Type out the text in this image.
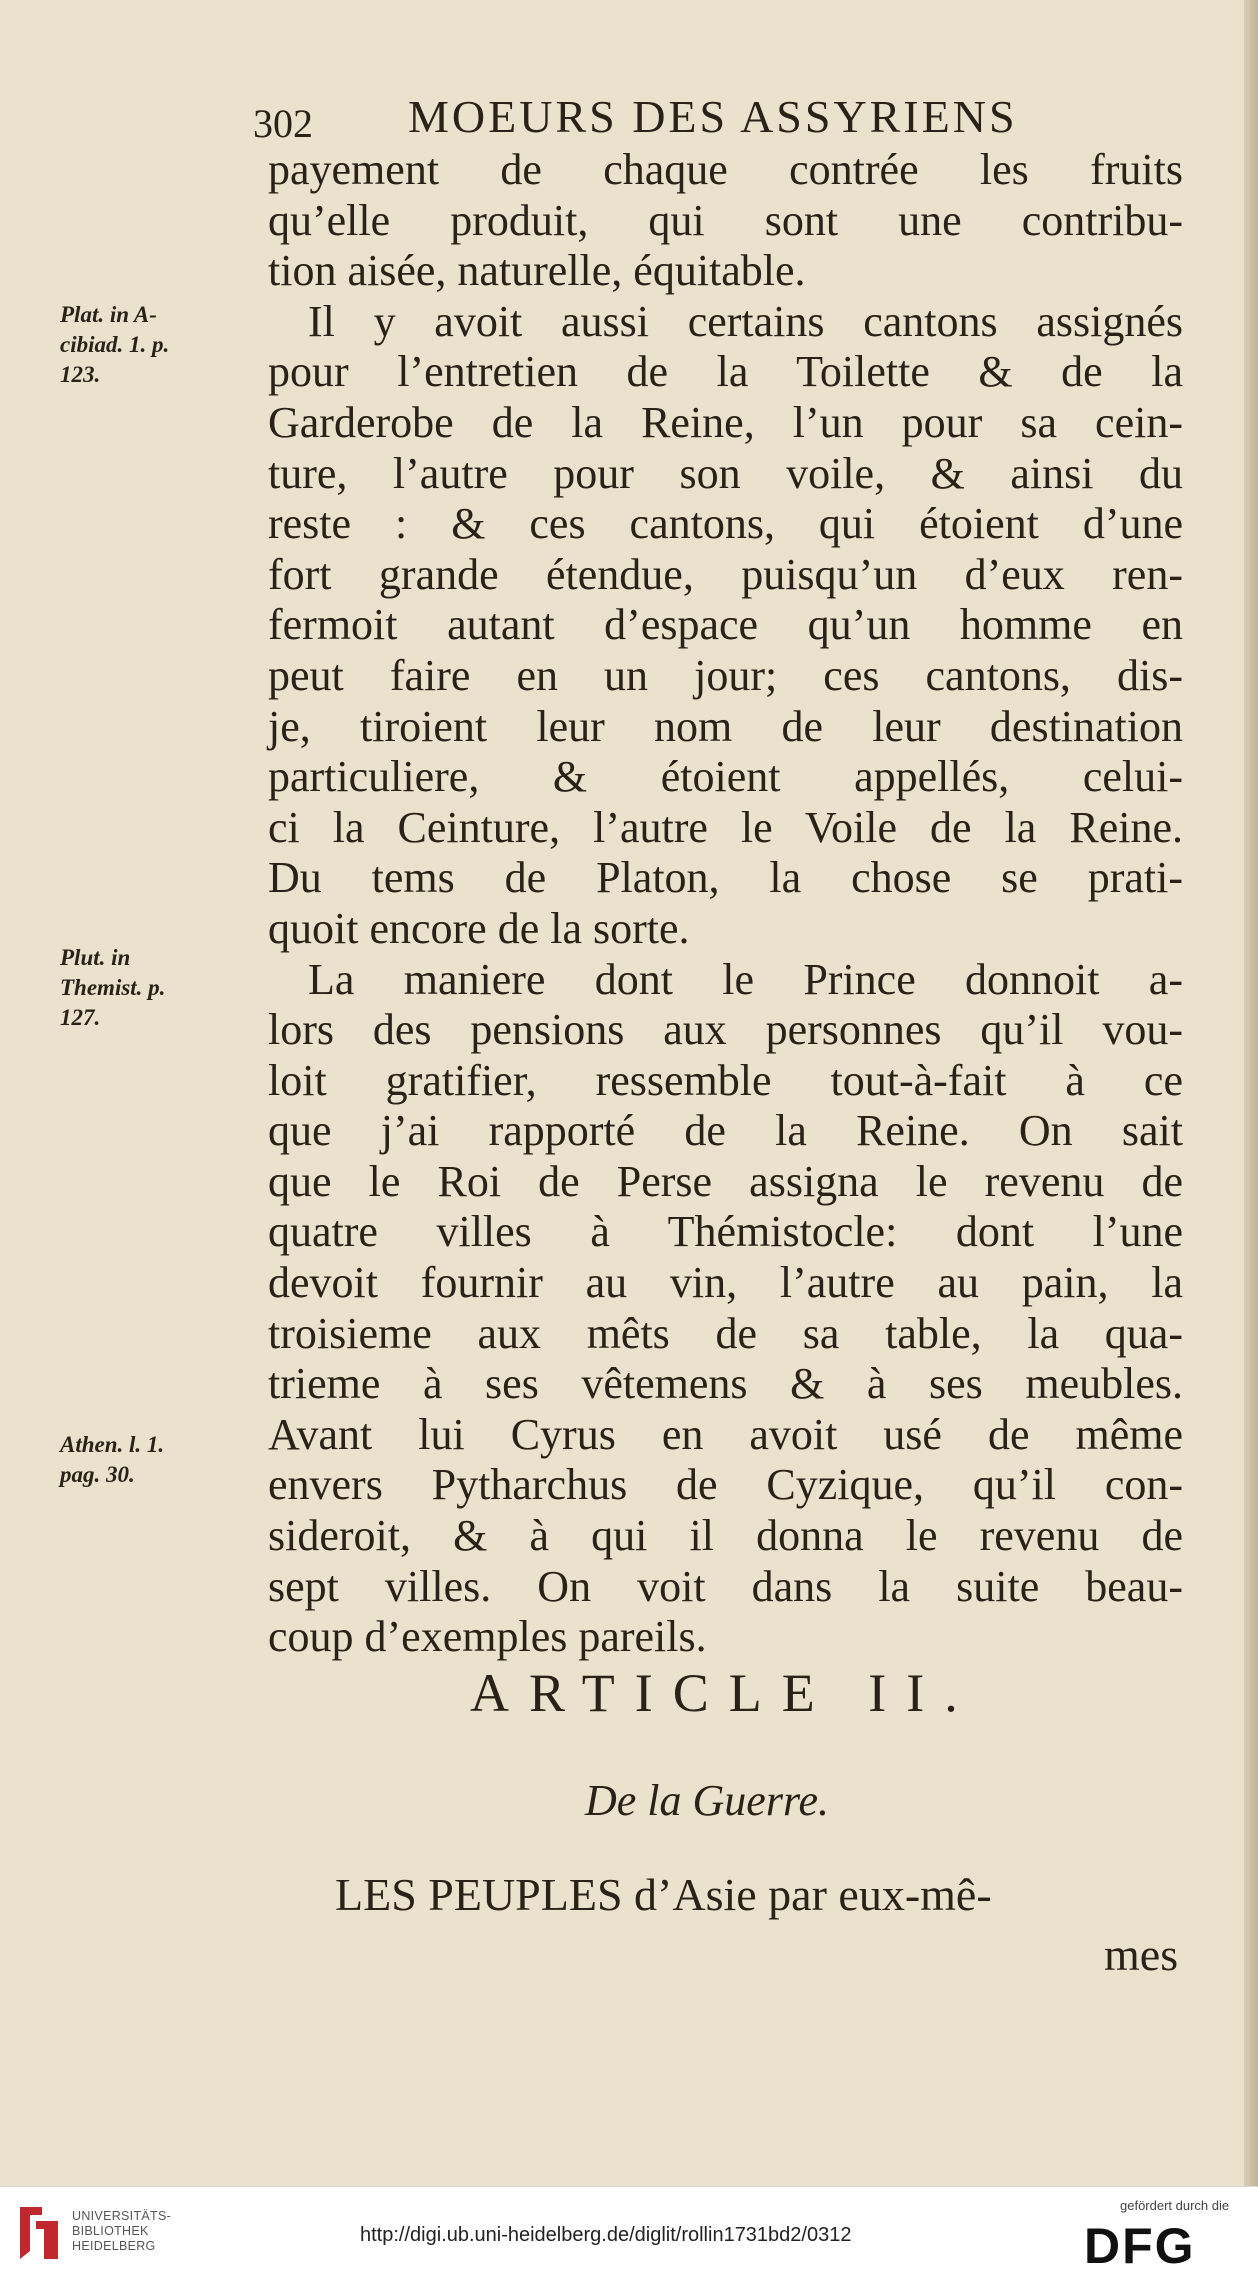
302 MOEURS DES ASSYRIENS
Plat. in A-
cibiad. 1. p.
123.
Plut. in
Themist. p.
127.
Athen. l. 1.
pag. 30.
payement de chaque contrée les fruits
qu’elle produit, qui sont une contribu-
tion aisée, naturelle, équitable.
Il y avoit aussi certains cantons assignés
pour l’entretien de la Toilette & de la
Garderobe de la Reine, l’un pour sa cein-
ture, l’autre pour son voile, & ainsi du
reste : & ces cantons, qui étoient d’une
fort grande étendue, puisqu’un d’eux ren-
fermoit autant d’espace qu’un homme en
peut faire en un jour; ces cantons, dis-
je, tiroient leur nom de leur destination
particuliere, & étoient appellés, celui-
ci la Ceinture, l’autre le Voile de la Reine.
Du tems de Platon, la chose se prati-
quoit encore de la sorte.
La maniere dont le Prince donnoit a-
lors des pensions aux personnes qu’il vou-
loit gratifier, ressemble tout-à-fait à ce
que j’ai rapporté de la Reine. On sait
que le Roi de Perse assigna le revenu de
quatre villes à Thémistocle: dont l’une
devoit fournir au vin, l’autre au pain, la
troisieme aux mêts de sa table, la qua-
trieme à ses vêtemens & à ses meubles.
Avant lui Cyrus en avoit usé de même
envers Pytharchus de Cyzique, qu’il con-
sideroit, & à qui il donna le revenu de
sept villes. On voit dans la suite beau-
coup d’exemples pareils.
ARTICLE II.
De la Guerre.
LES PEUPLES d’Asie par eux-mê-
mes
UNIVERSITÄTS-
BIBLIOTHEK
HEIDELBERG	http://digi.ub.uni-heidelberg.de/diglit/rollin1731bd2/0312
gefördert durch die
DFG
